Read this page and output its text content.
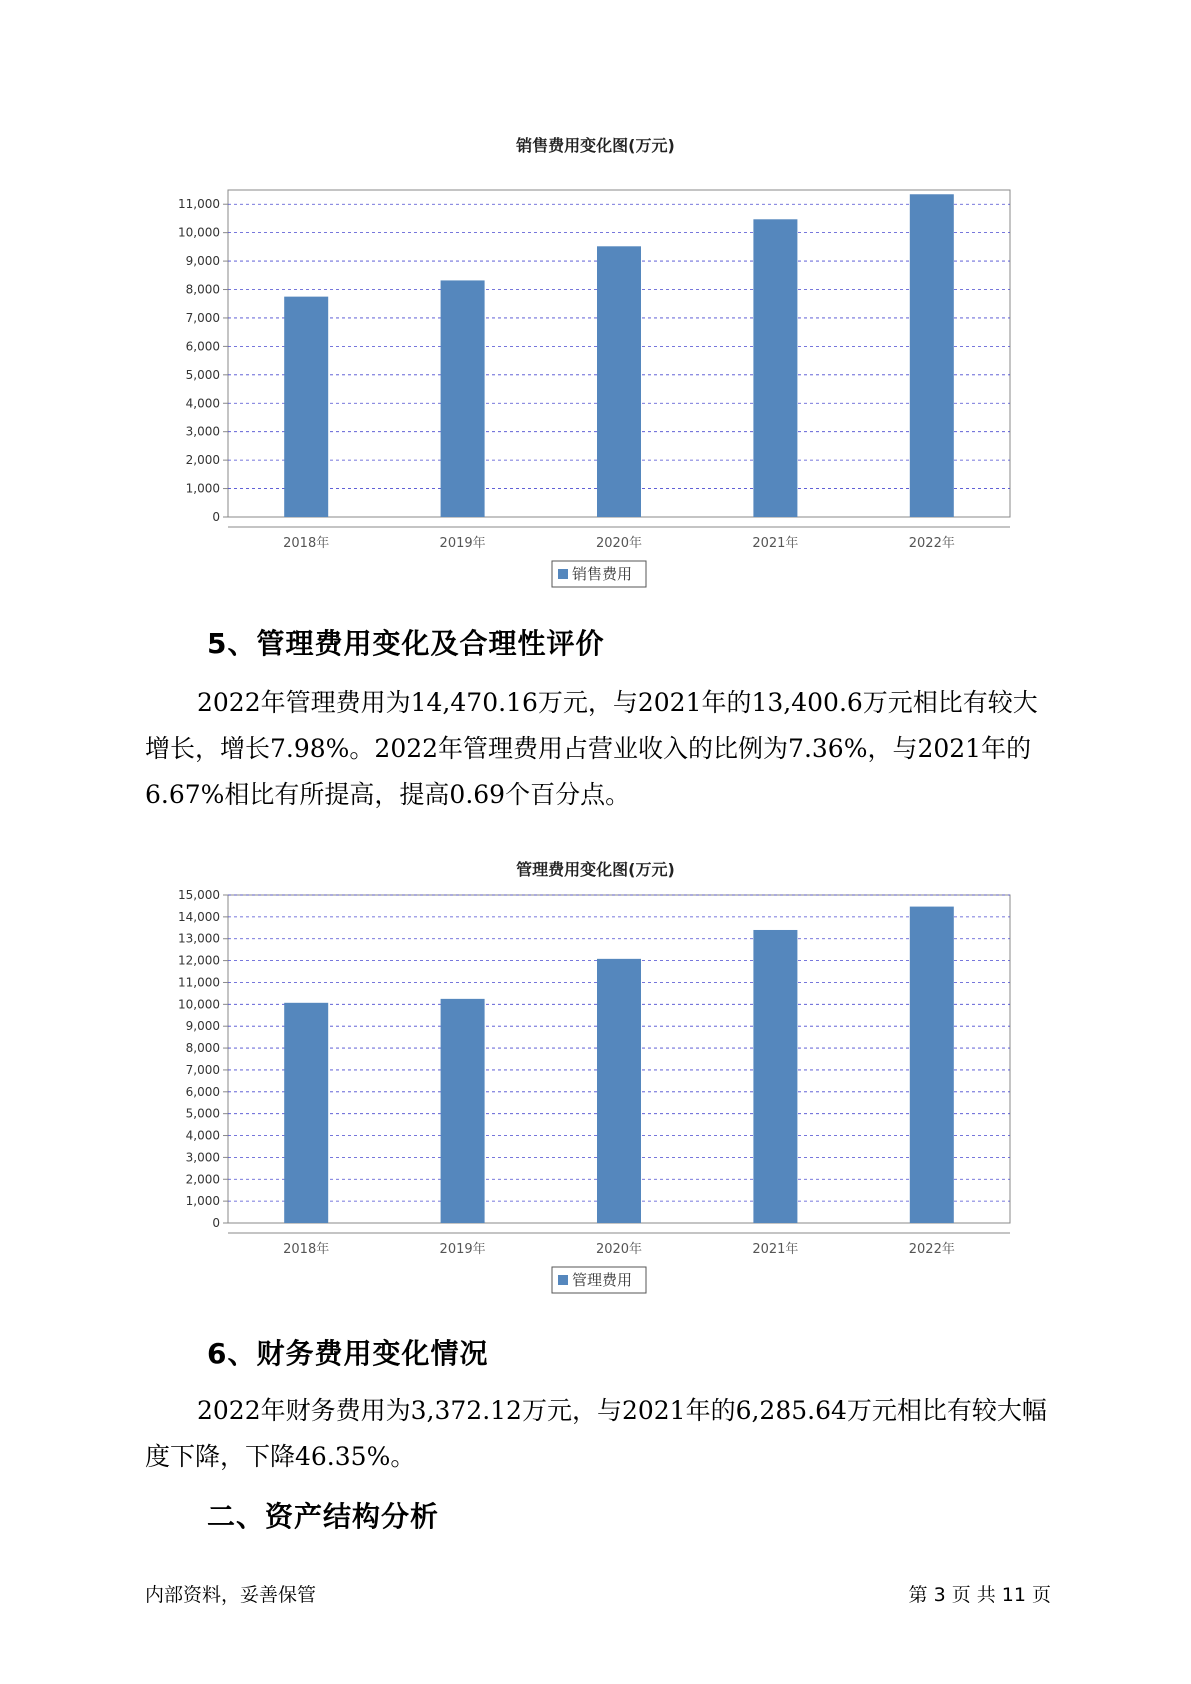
销售费用变化图(万元)
0
1,000
2,000
3,000
4,000
5,000
6,000
7,000
8,000
9,000
10,000
11,000
2018年	2019年	2020年	2021年	2022年
销售费用
5、管理费用变化及合理性评价

2022年管理费用为14,470.16万元，与2021年的13,400.6万元相比有较大增长，增长7.98%。2022年管理费用占营业收入的比例为7.36%，与2021年的6.67%相比有所提高，提高0.69个百分点。

管理费用变化图(万元)
0
1,000
2,000
3,000
4,000
5,000
6,000
7,000
8,000
9,000
10,000
11,000
12,000
13,000
14,000
15,000
2018年	2019年	2020年	2021年	2022年
管理费用
6、财务费用变化情况

2022年财务费用为3,372.12万元，与2021年的6,285.64万元相比有较大幅度下降，下降46.35%。

二、资产结构分析
内部资料，妥善保管	第 3 页 共 11 页
